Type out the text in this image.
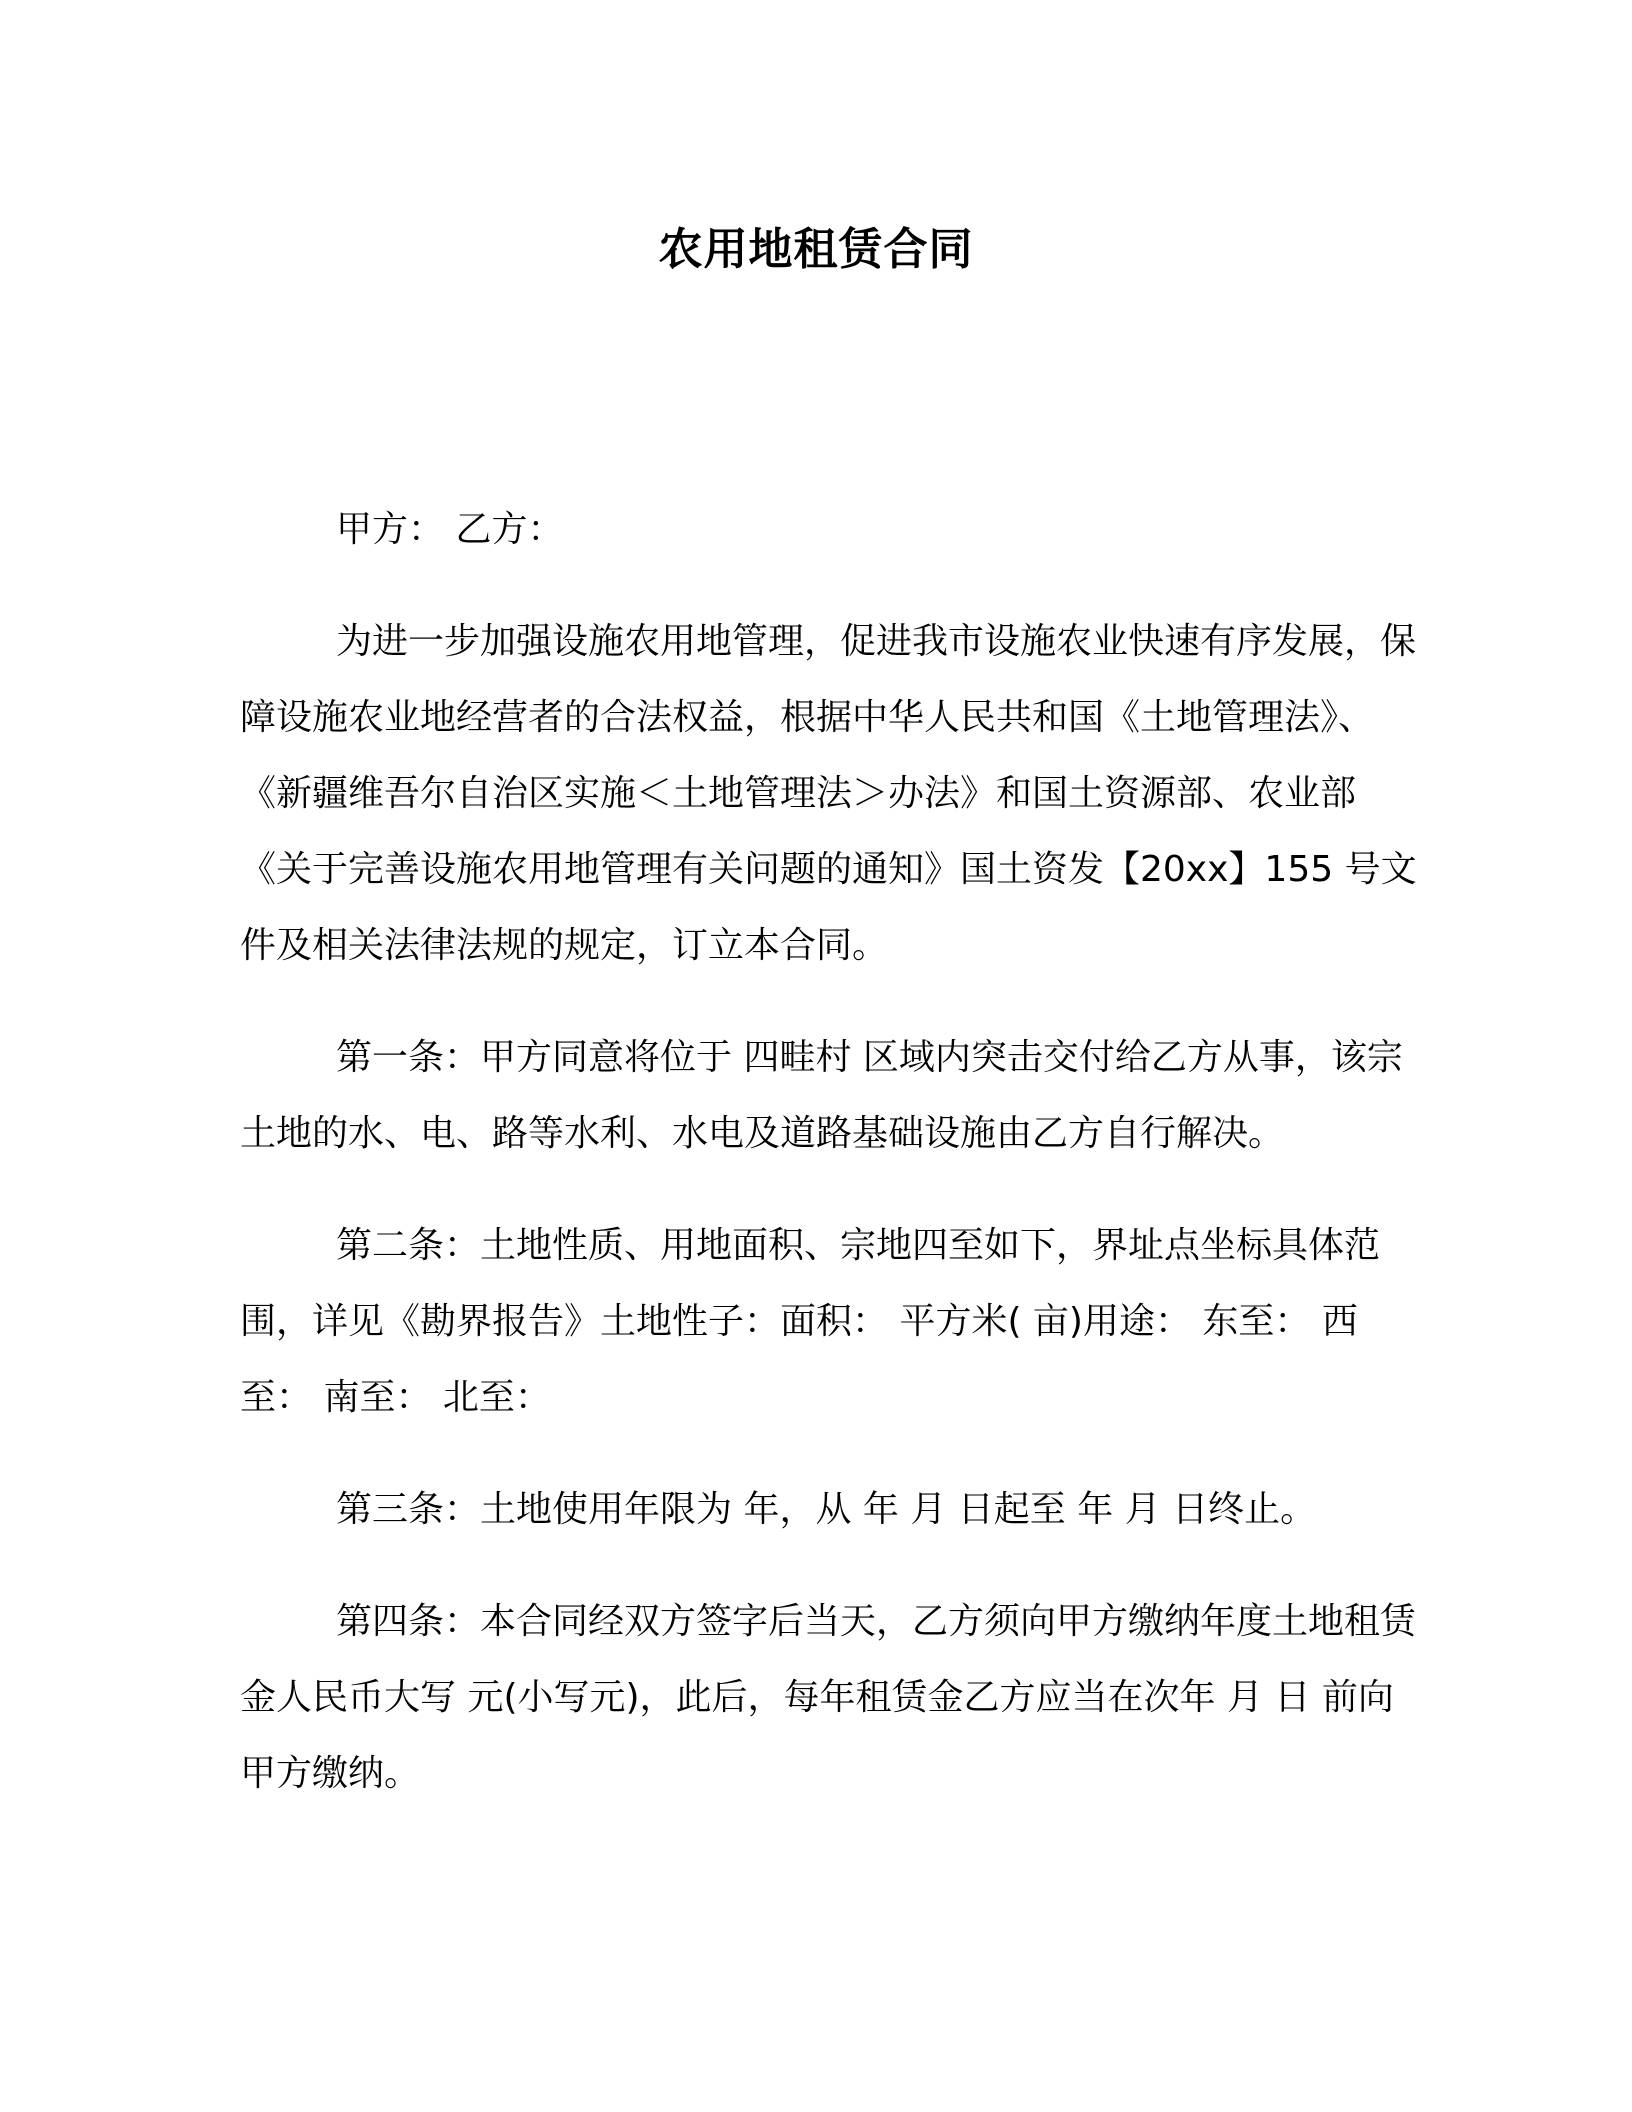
农用地租赁合同

甲方： 乙方：

为进一步加强设施农用地管理，促进我市设施农业快速有序发展，保障设施农业地经营者的合法权益，根据中华人民共和国《土地管理法》、《新疆维吾尔自治区实施＜土地管理法＞办法》和国土资源部、农业部《关于完善设施农用地管理有关问题的通知》国土资发【20xx】155 号文件及相关法律法规的规定，订立本合同。

第一条：甲方同意将位于 四畦村 区域内突击交付给乙方从事，该宗土地的水、电、路等水利、水电及道路基础设施由乙方自行解决。

第二条：土地性质、用地面积、宗地四至如下，界址点坐标具体范围，详见《勘界报告》土地性子：面积： 平方米( 亩)用途： 东至： 西至： 南至： 北至：

第三条：土地使用年限为 年，从 年 月 日起至 年 月 日终止。

第四条：本合同经双方签字后当天，乙方须向甲方缴纳年度土地租赁金人民币大写 元(小写元)，此后，每年租赁金乙方应当在次年 月 日 前向甲方缴纳。
